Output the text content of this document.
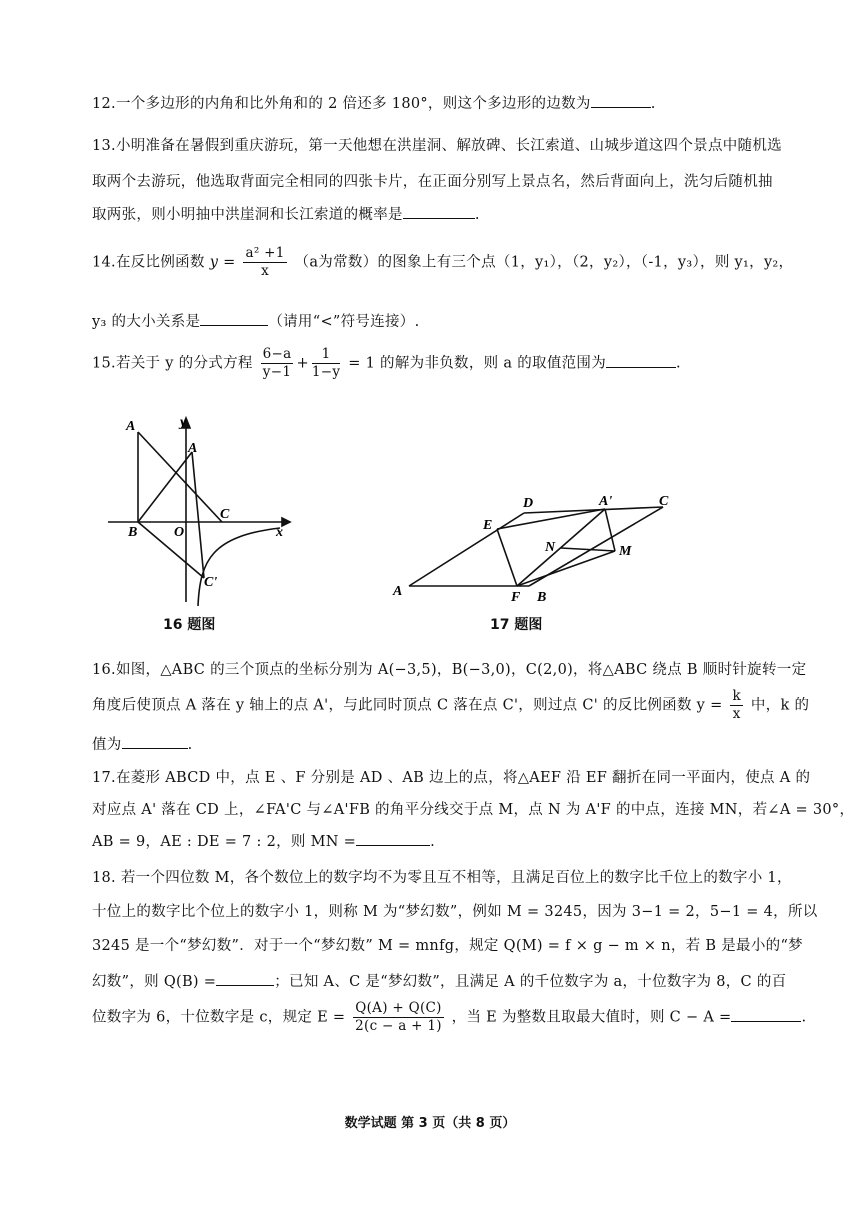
12.一个多边形的内角和比外角和的 2 倍还多 180°，则这个多边形的边数为	.
13.小明准备在暑假到重庆游玩，第一天他想在洪崖洞、解放碑、长江索道、山城步道这四个景点中随机选
取两个去游玩，他选取背面完全相同的四张卡片，在正面分别写上景点名，然后背面向上，洗匀后随机抽
取两张，则小明抽中洪崖洞和长江索道的概率是	.
14.在反比例函数 $y = \frac{\text{a² +1}}{x} (a$为常数）的图象上有三个点（1，y₁），（2，y₂），（-1，y₃），则 y₁，y₂，
y₃ 的大小关系是	（请用“<”符号连接）.
15.若关于 y 的分式方程 $\frac{6-a}{y-1} + \frac{1}{1-y} = 1$ 的解为非负数，则 a 的取值范围为	.
A
A
y
C
B	O	x
C'
16 题图
D	A'	C
E
N	M
A	F B
17 题图
16.如图，△ABC 的三个顶点的坐标分别为 A(−3,5)，B(−3,0)，C(2,0)，将△ABC 绕点 B 顺时针旋转一定
角度后使顶点 A 落在 y 轴上的点 A'，与此同时顶点 C 落在点 C'，则过点 C' 的反比例函数 $y = \frac{k}{x}$ 中，k 的
值为	.
17.在菱形 ABCD 中，点 E 、F 分别是 AD 、AB 边上的点，将△AEF 沿 EF 翻折在同一平面内，使点 A 的
对应点 A' 落在 CD 上，∠FA'C 与∠A'FB 的角平分线交于点 M，点 N 为 A'F 的中点，连接 MN，若∠A = 30°，
AB = 9，AE : DE = 7 : 2，则 MN =	.
18. 若一个四位数 M，各个数位上的数字均不为零且互不相等，且满足百位上的数字比千位上的数字小 1，
十位上的数字比个位上的数字小 1，则称 M 为“梦幻数”，例如 M = 3245，因为 3−1 = 2，5−1 = 4，所以
3245 是一个“梦幻数”．对于一个“梦幻数” M = mnfg，规定 Q(M) = f × g − m × n，若 B 是最小的“梦
幻数”，则 Q(B) =	；已知 A、C 是“梦幻数”，且满足 A 的千位数字为 a，十位数字为 8，C 的百
位数字为 6，十位数字是 c，规定 $E = \frac{Q(A) + Q(C)}{2(c - a + 1)}$ ，当 E 为整数且取最大值时，则 C − A =	.
数学试题 第 3 页（共 8 页）
